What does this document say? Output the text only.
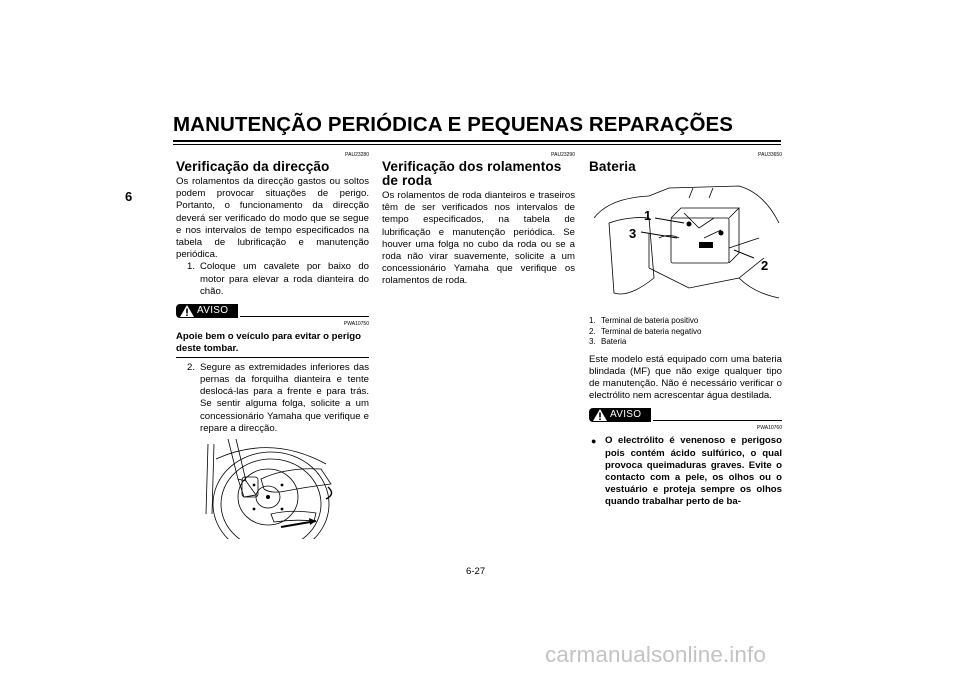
MANUTENÇÃO PERIÓDICA E PEQUENAS REPARAÇÕES
6
PAU23280
Verificação da direcção

Os rolamentos da direcção gastos ou soltos podem provocar situações de perigo. Portanto, o funcionamento da direcção deverá ser verificado do modo que se segue e nos intervalos de tempo especificados na tabela de lubrificação e manutenção periódica.

1. Coloque um cavalete por baixo do motor para elevar a roda dianteira do chão.
AVISO
PWA10750

Apoie bem o veículo para evitar o perigo deste tombar.

2. Segure as extremidades inferiores das pernas da forquilha dianteira e tente deslocá-las para a frente e para trás. Se sentir alguma folga, solicite a um concessionário Yamaha que verifique e repare a direcção.
PAU23290
Verificação dos rolamentos de roda

Os rolamentos de roda dianteiros e traseiros têm de ser verificados nos intervalos de tempo especificados, na tabela de lubrificação e manutenção periódica. Se houver uma folga no cubo da roda ou se a roda não virar suavemente, solicite a um concessionário Yamaha que verifique os rolamentos de roda.

PAU33650
Bateria
1
3
2
1. Terminal de bateria positivo
2. Terminal de bateria negativo
3. Bateria

Este modelo está equipado com uma bateria blindada (MF) que não exige qualquer tipo de manutenção. Não é necessário verificar o electrólito nem acrescentar água destilada.

AVISO
PWA10760
● O electrólito é venenoso e perigoso pois contém ácido sulfúrico, o qual provoca queimaduras graves. Evite o contacto com a pele, os olhos ou o vestuário e proteja sempre os olhos quando trabalhar perto de ba-
6-27
carmanualsonline.info
